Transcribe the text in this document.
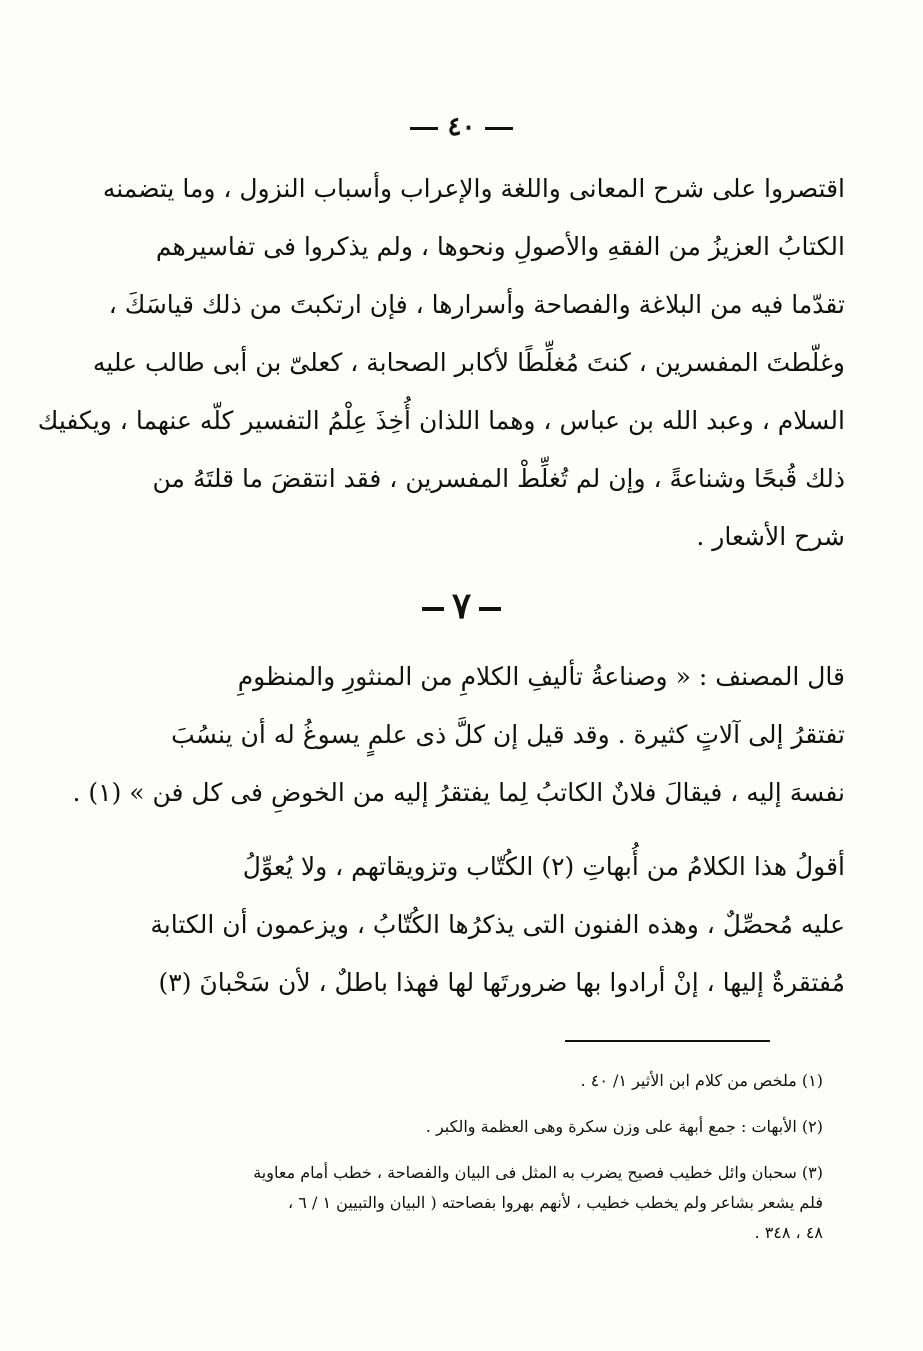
٤٠
اقتصروا على شرح المعانى واللغة والإعراب وأسباب النزول ، وما يتضمنه
الكتابُ العزيزُ من الفقهِ والأصولِ ونحوها ، ولم يذكروا فى تفاسيرهم
تقدّما فيه من البلاغة والفصاحة وأسرارها ، فإن ارتكبتَ من ذلك قياسَكَ ،
وغلّطتَ المفسرين ، كنتَ مُغلِّطًا لأكابر الصحابة ، كعلىّ بن أبى طالب عليه
السلام ، وعبد الله بن عباس ، وهما اللذان أُخِذَ عِلْمُ التفسير كلّه عنهما ، ويكفيك
ذلك قُبحًا وشناعةً ، وإن لم تُغلِّطْ المفسرين ، فقد انتقضَ ما قلتَهُ من
شرح الأشعار .
٧
قال المصنف : « وصناعةُ تأليفِ الكلامِ من المنثورِ والمنظومِ
تفتقرُ إلى آلاتٍ كثيرة . وقد قيل إن كلَّ ذى علمٍ يسوغُ له أن ينسُبَ
نفسهَ إليه ، فيقالَ فلانٌ الكاتبُ لِما يفتقرُ إليه من الخوضِ فى كل فن » (١) .
أقولُ هذا الكلامُ من أُبهاتِ (٢) الكُتّاب وتزويقاتهم ، ولا يُعوِّلُ
عليه مُحصِّلٌ ، وهذه الفنون التى يذكرُها الكُتّابُ ، ويزعمون أن الكتابة
مُفتقرةٌ إليها ، إنْ أرادوا بها ضرورتَها لها فهذا باطلٌ ، لأن سَحْبانَ (٣)
(١) ملخص من كلام ابن الأثير ١/ ٤٠ .
(٢) الأبهات : جمع أبهة على وزن سكرة وهى العظمة والكبر .
(٣) سحبان وائل خطيب فصيح يضرب به المثل فى البيان والفصاحة ، خطب أمام معاوية
فلم يشعر بشاعر ولم يخطب خطيب ، لأنهم بهروا بفصاحته ( البيان والتبيين ١ / ٦ ،
٤٨ ، ٣٤٨ .
